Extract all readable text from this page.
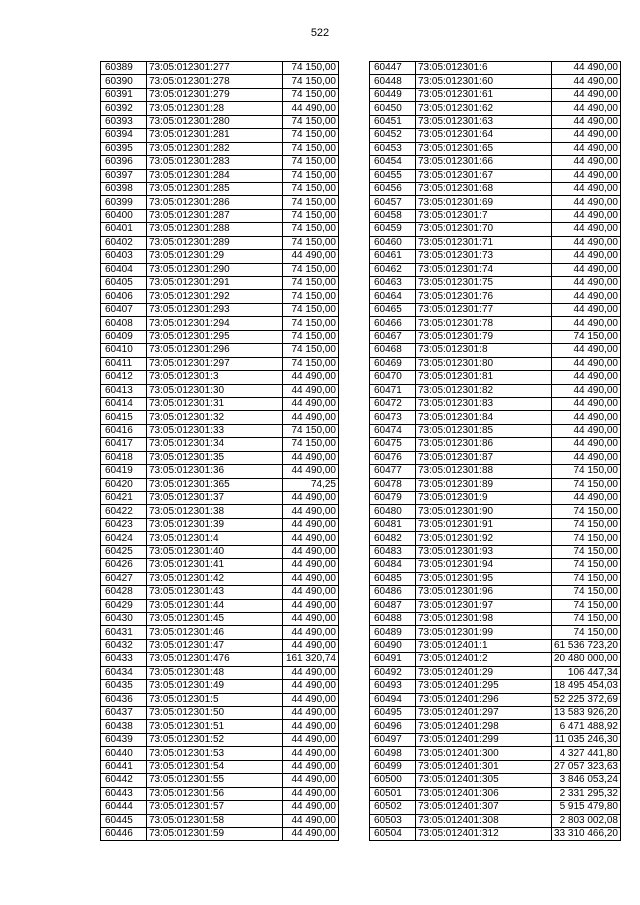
522
60389	73:05:012301:277	74 150,00
60390	73:05:012301:278	74 150,00
60391	73:05:012301:279	74 150,00
60392	73:05:012301:28	44 490,00
60393	73:05:012301:280	74 150,00
60394	73:05:012301:281	74 150,00
60395	73:05:012301:282	74 150,00
60396	73:05:012301:283	74 150,00
60397	73:05:012301:284	74 150,00
60398	73:05:012301:285	74 150,00
60399	73:05:012301:286	74 150,00
60400	73:05:012301:287	74 150,00
60401	73:05:012301:288	74 150,00
60402	73:05:012301:289	74 150,00
60403	73:05:012301:29	44 490,00
60404	73:05:012301:290	74 150,00
60405	73:05:012301:291	74 150,00
60406	73:05:012301:292	74 150,00
60407	73:05:012301:293	74 150,00
60408	73:05:012301:294	74 150,00
60409	73:05:012301:295	74 150,00
60410	73:05:012301:296	74 150,00
60411	73:05:012301:297	74 150,00
60412	73:05:012301:3	44 490,00
60413	73:05:012301:30	44 490,00
60414	73:05:012301:31	44 490,00
60415	73:05:012301:32	44 490,00
60416	73:05:012301:33	74 150,00
60417	73:05:012301:34	74 150,00
60418	73:05:012301:35	44 490,00
60419	73:05:012301:36	44 490,00
60420	73:05:012301:365	74,25
60421	73:05:012301:37	44 490,00
60422	73:05:012301:38	44 490,00
60423	73:05:012301:39	44 490,00
60424	73:05:012301:4	44 490,00
60425	73:05:012301:40	44 490,00
60426	73:05:012301:41	44 490,00
60427	73:05:012301:42	44 490,00
60428	73:05:012301:43	44 490,00
60429	73:05:012301:44	44 490,00
60430	73:05:012301:45	44 490,00
60431	73:05:012301:46	44 490,00
60432	73:05:012301:47	44 490,00
60433	73:05:012301:476	161 320,74
60434	73:05:012301:48	44 490,00
60435	73:05:012301:49	44 490,00
60436	73:05:012301:5	44 490,00
60437	73:05:012301:50	44 490,00
60438	73:05:012301:51	44 490,00
60439	73:05:012301:52	44 490,00
60440	73:05:012301:53	44 490,00
60441	73:05:012301:54	44 490,00
60442	73:05:012301:55	44 490,00
60443	73:05:012301:56	44 490,00
60444	73:05:012301:57	44 490,00
60445	73:05:012301:58	44 490,00
60446	73:05:012301:59	44 490,00
60447	73:05:012301:6	44 490,00
60448	73:05:012301:60	44 490,00
60449	73:05:012301:61	44 490,00
60450	73:05:012301:62	44 490,00
60451	73:05:012301:63	44 490,00
60452	73:05:012301:64	44 490,00
60453	73:05:012301:65	44 490,00
60454	73:05:012301:66	44 490,00
60455	73:05:012301:67	44 490,00
60456	73:05:012301:68	44 490,00
60457	73:05:012301:69	44 490,00
60458	73:05:012301:7	44 490,00
60459	73:05:012301:70	44 490,00
60460	73:05:012301:71	44 490,00
60461	73:05:012301:73	44 490,00
60462	73:05:012301:74	44 490,00
60463	73:05:012301:75	44 490,00
60464	73:05:012301:76	44 490,00
60465	73:05:012301:77	44 490,00
60466	73:05:012301:78	44 490,00
60467	73:05:012301:79	74 150,00
60468	73:05:012301:8	44 490,00
60469	73:05:012301:80	44 490,00
60470	73:05:012301:81	44 490,00
60471	73:05:012301:82	44 490,00
60472	73:05:012301:83	44 490,00
60473	73:05:012301:84	44 490,00
60474	73:05:012301:85	44 490,00
60475	73:05:012301:86	44 490,00
60476	73:05:012301:87	44 490,00
60477	73:05:012301:88	74 150,00
60478	73:05:012301:89	74 150,00
60479	73:05:012301:9	44 490,00
60480	73:05:012301:90	74 150,00
60481	73:05:012301:91	74 150,00
60482	73:05:012301:92	74 150,00
60483	73:05:012301:93	74 150,00
60484	73:05:012301:94	74 150,00
60485	73:05:012301:95	74 150,00
60486	73:05:012301:96	74 150,00
60487	73:05:012301:97	74 150,00
60488	73:05:012301:98	74 150,00
60489	73:05:012301:99	74 150,00
60490	73:05:012401:1	61 536 723,20
60491	73:05:012401:2	20 480 000,00
60492	73:05:012401:29	106 447,34
60493	73:05:012401:295	18 495 454,03
60494	73:05:012401:296	52 225 372,69
60495	73:05:012401:297	13 583 926,20
60496	73:05:012401:298	6 471 488,92
60497	73:05:012401:299	11 035 246,30
60498	73:05:012401:300	4 327 441,80
60499	73:05:012401:301	27 057 323,63
60500	73:05:012401:305	3 846 053,24
60501	73:05:012401:306	2 331 295,32
60502	73:05:012401:307	5 915 479,80
60503	73:05:012401:308	2 803 002,08
60504	73:05:012401:312	33 310 466,20
